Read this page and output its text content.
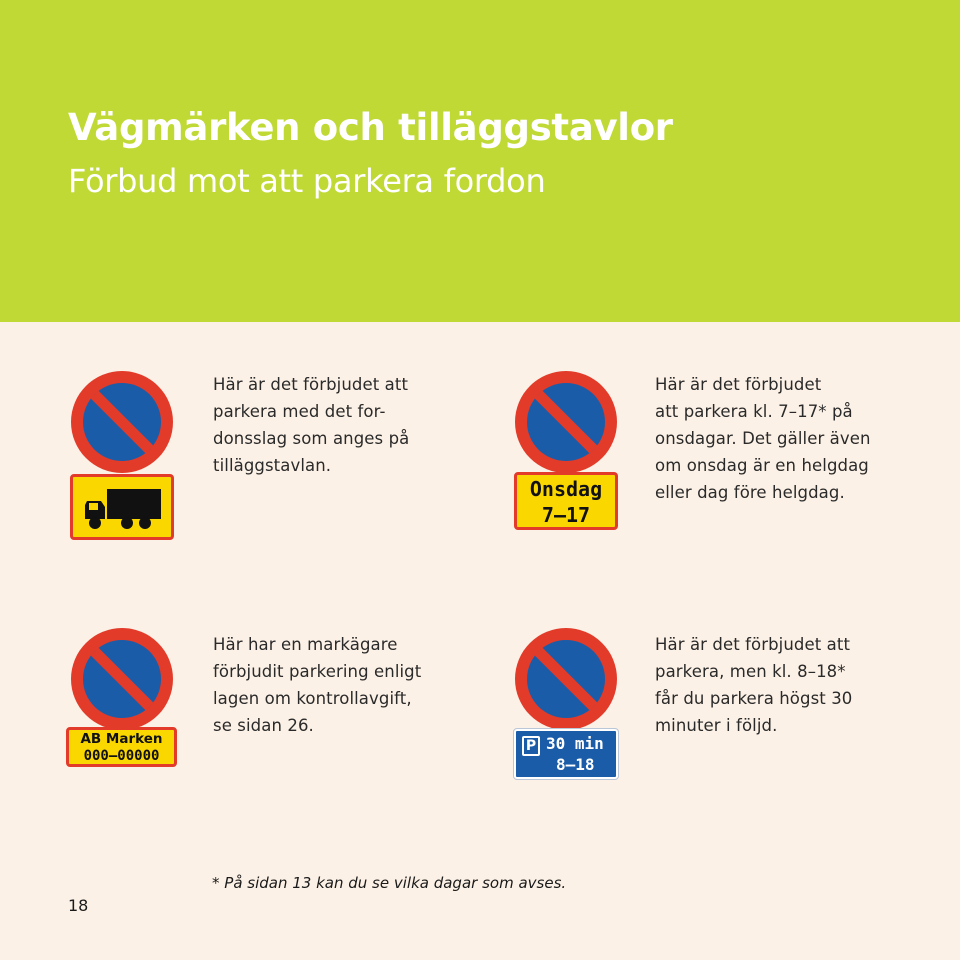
Vägmärken och tilläggstavlor
Förbud mot att parkera fordon
Här är det förbjudet att
parkera med det for-
donsslag som anges på
tilläggstavlan.
Onsdag
7–17
Här är det förbjudet
att parkera kl. 7–17* på
onsdagar. Det gäller även
om onsdag är en helgdag
eller dag före helgdag.
AB Marken
000–00000
Här har en markägare
förbjudit parkering enligt
lagen om kontrollavgift,
se sidan 26.
P 30 min
8–18
Här är det förbjudet att
parkera, men kl. 8–18*
får du parkera högst 30
minuter i följd.
* På sidan 13 kan du se vilka dagar som avses.
18
